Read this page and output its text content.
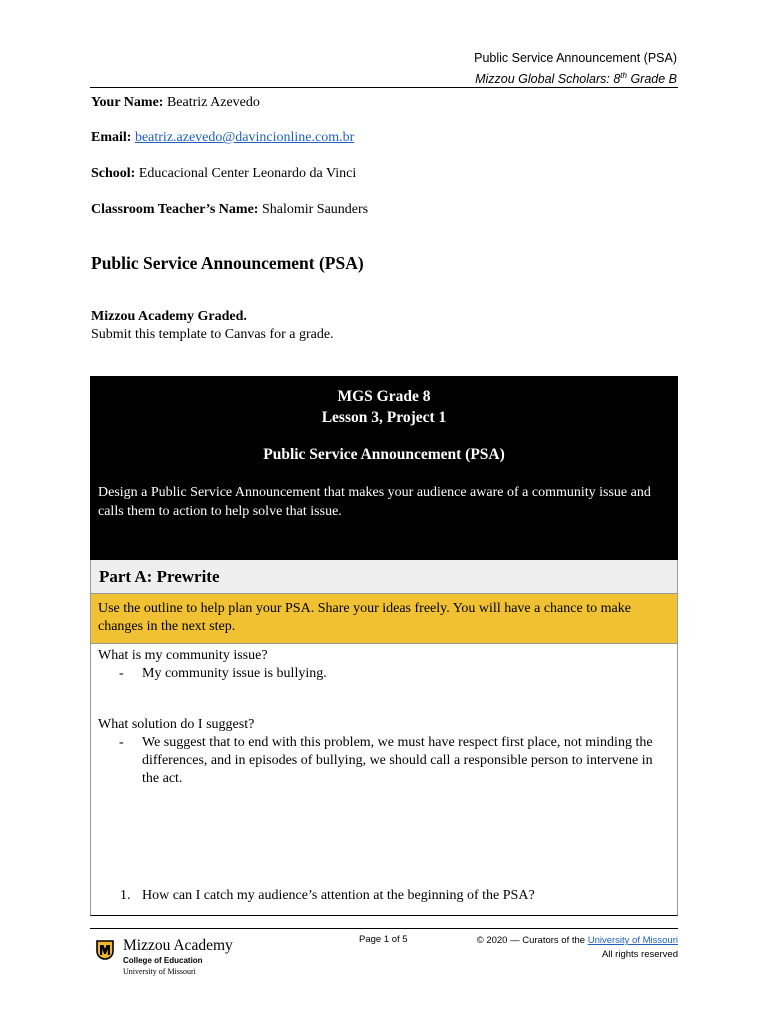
Public Service Announcement (PSA)
Mizzou Global Scholars: 8th Grade B
Your Name: Beatriz Azevedo
Email: beatriz.azevedo@davincionline.com.br
School: Educacional Center Leonardo da Vinci
Classroom Teacher’s Name: Shalomir Saunders
Public Service Announcement (PSA)
Mizzou Academy Graded.
Submit this template to Canvas for a grade.
MGS Grade 8
Lesson 3, Project 1
Public Service Announcement (PSA)
Design a Public Service Announcement that makes your audience aware of a community issue and calls them to action to help solve that issue.
Part A: Prewrite
Use the outline to help plan your PSA. Share your ideas freely. You will have a chance to make changes in the next step.
What is my community issue?
- My community issue is bullying.
What solution do I suggest?
- We suggest that to end with this problem, we must have respect first place, not minding the differences, and in episodes of bullying, we should call a responsible person to intervene in the act.
1. How can I catch my audience’s attention at the beginning of the PSA?
Mizzou Academy
College of Education
University of Missouri
Page 1 of 5	© 2020 — Curators of the University of Missouri
All rights reserved
